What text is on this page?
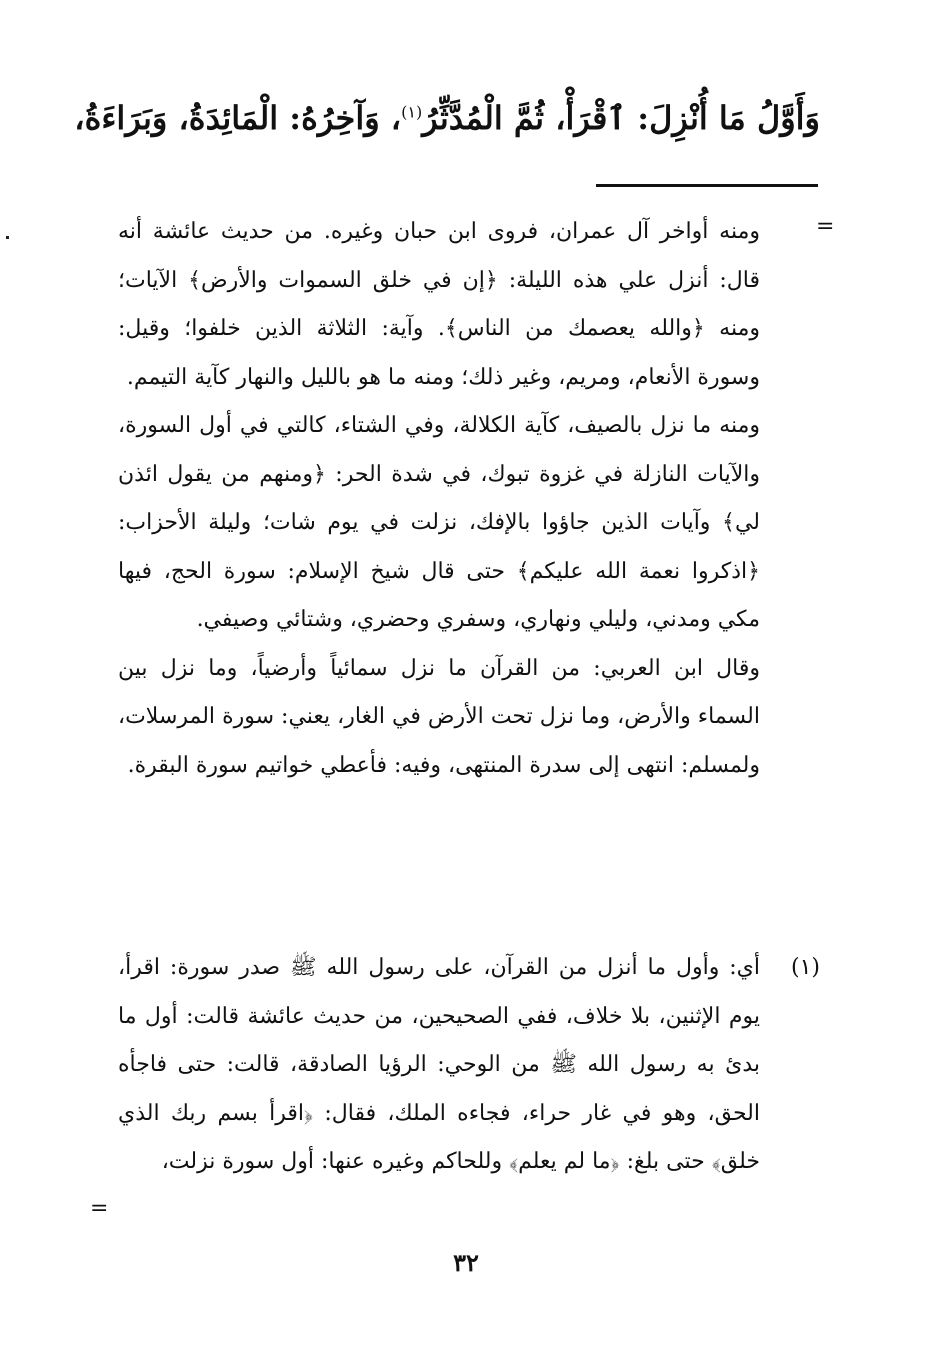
وَأَوَّلُ مَا أُنْزِلَ: ٱقْرَأْ، ثُمَّ الْمُدَّثِّرُ$^{(١)}$، وَآخِرُهُ: الْمَائِدَةُ، وَبَرَاءَةُ،
=

ومنه أواخر آل عمران، فروى ابن حبان وغيره. من حديث عائشة أنه قال: أنزل علي هذه الليلة: ﴿إن في خلق السموات والأرض﴾ الآيات؛ ومنه ﴿والله يعصمك من الناس﴾. وآية: الثلاثة الذين خلفوا؛ وقيل: وسورة الأنعام، ومريم، وغير ذلك؛ ومنه ما هو بالليل والنهار كآية التيمم.

ومنه ما نزل بالصيف، كآية الكلالة، وفي الشتاء، كالتي في أول السورة، والآيات النازلة في غزوة تبوك، في شدة الحر: ﴿ومنهم من يقول ائذن لي﴾ وآيات الذين جاؤوا بالإفك، نزلت في يوم شات؛ وليلة الأحزاب: ﴿اذكروا نعمة الله عليكم﴾ حتى قال شيخ الإسلام: سورة الحج، فيها مكي ومدني، وليلي ونهاري، وسفري وحضري، وشتائي وصيفي.

وقال ابن العربي: من القرآن ما نزل سمائياً وأرضياً، وما نزل بين السماء والأرض، وما نزل تحت الأرض في الغار، يعني: سورة المرسلات، ولمسلم: انتهى إلى سدرة المنتهى، وفيه: فأعطي خواتيم سورة البقرة.

(١)

أي: وأول ما أنزل من القرآن، على رسول الله ﷺ صدر سورة: اقرأ، يوم الإثنين، بلا خلاف، ففي الصحيحين، من حديث عائشة قالت: أول ما بدئ به رسول الله ﷺ من الوحي: الرؤيا الصادقة، قالت: حتى فاجأه الحق، وهو في غار حراء، فجاءه الملك، فقال: ﴿اقرأ بسم ربك الذي خلق﴾ حتى بلغ: ﴿ما لم يعلم﴾ وللحاكم وغيره عنها: أول سورة نزلت،

=
٣٢
